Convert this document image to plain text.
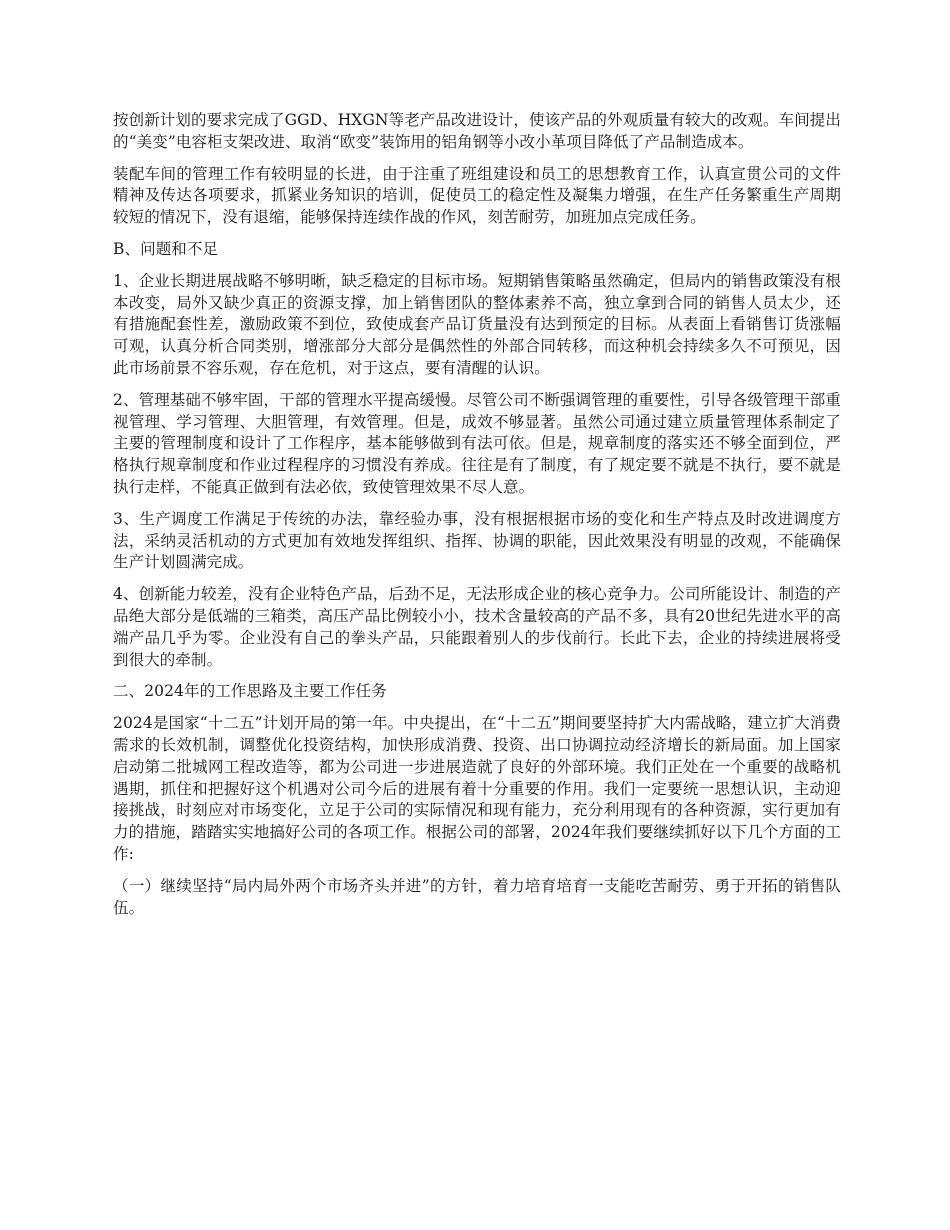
按创新计划的要求完成了GGD、HXGN等老产品改进设计，使该产品的外观质量有较大的改观。车间提出的“美变”电容柜支架改进、取消“欧变”装饰用的铝角钢等小改小革项目降低了产品制造成本。

装配车间的管理工作有较明显的长进，由于注重了班组建设和员工的思想教育工作，认真宣贯公司的文件精神及传达各项要求，抓紧业务知识的培训，促使员工的稳定性及凝集力增强，在生产任务繁重生产周期较短的情况下，没有退缩，能够保持连续作战的作风，刻苦耐劳，加班加点完成任务。

B、问题和不足

1、企业长期进展战略不够明晰，缺乏稳定的目标市场。短期销售策略虽然确定，但局内的销售政策没有根本改变，局外又缺少真正的资源支撑，加上销售团队的整体素养不高，独立拿到合同的销售人员太少，还有措施配套性差，激励政策不到位，致使成套产品订货量没有达到预定的目标。从表面上看销售订货涨幅可观，认真分析合同类别，增涨部分大部分是偶然性的外部合同转移，而这种机会持续多久不可预见，因此市场前景不容乐观，存在危机，对于这点，要有清醒的认识。

2、管理基础不够牢固，干部的管理水平提高缓慢。尽管公司不断强调管理的重要性，引导各级管理干部重视管理、学习管理、大胆管理，有效管理。但是，成效不够显著。虽然公司通过建立质量管理体系制定了主要的管理制度和设计了工作程序，基本能够做到有法可依。但是，规章制度的落实还不够全面到位，严格执行规章制度和作业过程程序的习惯没有养成。往往是有了制度，有了规定要不就是不执行，要不就是执行走样，不能真正做到有法必依，致使管理效果不尽人意。

3、生产调度工作满足于传统的办法，靠经验办事，没有根据根据市场的变化和生产特点及时改进调度方法，采纳灵活机动的方式更加有效地发挥组织、指挥、协调的职能，因此效果没有明显的改观，不能确保生产计划圆满完成。

4、创新能力较差，没有企业特色产品，后劲不足，无法形成企业的核心竞争力。公司所能设计、制造的产品绝大部分是低端的三箱类，高压产品比例较小小，技术含量较高的产品不多，具有20世纪先进水平的高端产品几乎为零。企业没有自己的拳头产品，只能跟着别人的步伐前行。长此下去，企业的持续进展将受到很大的牵制。

二、2024年的工作思路及主要工作任务

2024是国家“十二五”计划开局的第一年。中央提出，在“十二五”期间要坚持扩大内需战略，建立扩大消费需求的长效机制，调整优化投资结构，加快形成消费、投资、出口协调拉动经济增长的新局面。加上国家启动第二批城网工程改造等，都为公司进一步进展造就了良好的外部环境。我们正处在一个重要的战略机遇期，抓住和把握好这个机遇对公司今后的进展有着十分重要的作用。我们一定要统一思想认识，主动迎接挑战，时刻应对市场变化，立足于公司的实际情况和现有能力，充分利用现有的各种资源，实行更加有力的措施，踏踏实实地搞好公司的各项工作。根据公司的部署，2024年我们要继续抓好以下几个方面的工作:

（一）继续坚持“局内局外两个市场齐头并进”的方针，着力培育培育一支能吃苦耐劳、勇于开拓的销售队伍。
